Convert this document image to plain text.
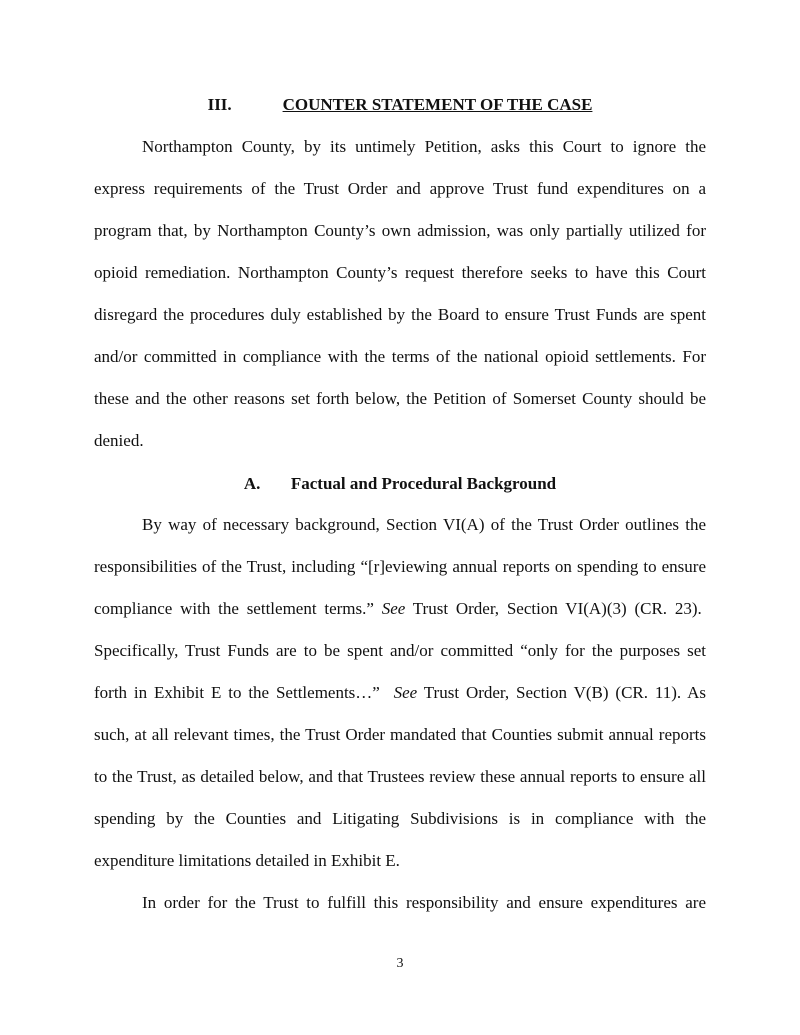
III.	COUNTER STATEMENT OF THE CASE

Northampton County, by its untimely Petition, asks this Court to ignore the express requirements of the Trust Order and approve Trust fund expenditures on a program that, by Northampton County’s own admission, was only partially utilized for opioid remediation. Northampton County’s request therefore seeks to have this Court disregard the procedures duly established by the Board to ensure Trust Funds are spent and/or committed in compliance with the terms of the national opioid settlements. For these and the other reasons set forth below, the Petition of Somerset County should be denied.

A.	Factual and Procedural Background

By way of necessary background, Section VI(A) of the Trust Order outlines the responsibilities of the Trust, including “[r]eviewing annual reports on spending to ensure compliance with the settlement terms.” See Trust Order, Section VI(A)(3) (CR. 23).  Specifically, Trust Funds are to be spent and/or committed “only for the purposes set forth in Exhibit E to the Settlements…”  See Trust Order, Section V(B) (CR. 11). As such, at all relevant times, the Trust Order mandated that Counties submit annual reports to the Trust, as detailed below, and that Trustees review these annual reports to ensure all spending by the Counties and Litigating Subdivisions is in compliance with the expenditure limitations detailed in Exhibit E.

In order for the Trust to fulfill this responsibility and ensure expenditures are

3
